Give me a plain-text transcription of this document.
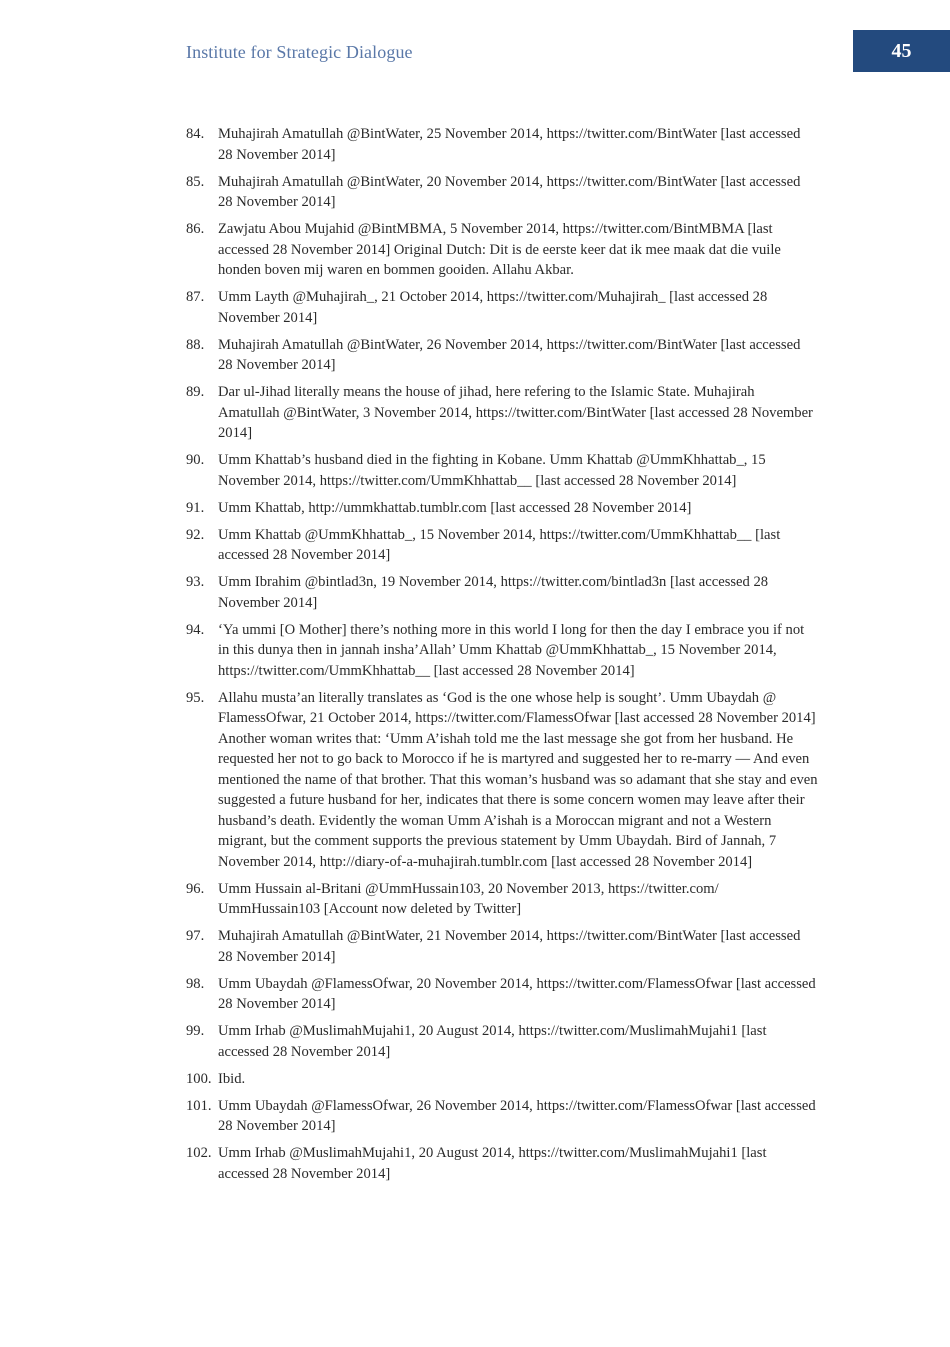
Institute for Strategic Dialogue	45
84. Muhajirah Amatullah @BintWater, 25 November 2014, https://twitter.com/BintWater [last accessed 28 November 2014]
85. Muhajirah Amatullah @BintWater, 20 November 2014, https://twitter.com/BintWater [last accessed 28 November 2014]
86. Zawjatu Abou Mujahid @BintMBMA, 5 November 2014, https://twitter.com/BintMBMA [last accessed 28 November 2014] Original Dutch: Dit is de eerste keer dat ik mee maak dat die vuile honden boven mij waren en bommen gooiden. Allahu Akbar.
87. Umm Layth @Muhajirah_, 21 October 2014, https://twitter.com/Muhajirah_ [last accessed 28 November 2014]
88. Muhajirah Amatullah @BintWater, 26 November 2014, https://twitter.com/BintWater [last accessed 28 November 2014]
89. Dar ul-Jihad literally means the house of jihad, here refering to the Islamic State. Muhajirah Amatullah @BintWater, 3 November 2014, https://twitter.com/BintWater [last accessed 28 November 2014]
90. Umm Khattab’s husband died in the fighting in Kobane. Umm Khattab @UmmKhhattab_, 15 November 2014, https://twitter.com/UmmKhhattab__ [last accessed 28 November 2014]
91. Umm Khattab, http://ummkhattab.tumblr.com [last accessed 28 November 2014]
92. Umm Khattab @UmmKhhattab_, 15 November 2014, https://twitter.com/UmmKhhattab__ [last accessed 28 November 2014]
93. Umm Ibrahim @bintlad3n, 19 November 2014, https://twitter.com/bintlad3n [last accessed 28 November 2014]
94. ‘Ya ummi [O Mother] there’s nothing more in this world I long for then the day I embrace you if not in this dunya then in jannah insha’Allah’ Umm Khattab @UmmKhhattab_, 15 November 2014, https://twitter.com/UmmKhhattab__ [last accessed 28 November 2014]
95. Allahu musta’an literally translates as ‘God is the one whose help is sought’. Umm Ubaydah @ FlamessOfwar, 21 October 2014, https://twitter.com/FlamessOfwar [last accessed 28 November 2014] Another woman writes that: ‘Umm A’ishah told me the last message she got from her husband. He requested her not to go back to Morocco if he is martyred and suggested her to re-marry — And even mentioned the name of that brother. That this woman’s husband was so adamant that she stay and even suggested a future husband for her, indicates that there is some concern women may leave after their husband’s death. Evidently the woman Umm A’ishah is a Moroccan migrant and not a Western migrant, but the comment supports the previous statement by Umm Ubaydah. Bird of Jannah, 7 November 2014, http://diary-of-a-muhajirah.tumblr.com [last accessed 28 November 2014]
96. Umm Hussain al-Britani @UmmHussain103, 20 November 2013, https://twitter.com/ UmmHussain103 [Account now deleted by Twitter]
97. Muhajirah Amatullah @BintWater, 21 November 2014, https://twitter.com/BintWater [last accessed 28 November 2014]
98. Umm Ubaydah @FlamessOfwar, 20 November 2014, https://twitter.com/FlamessOfwar [last accessed 28 November 2014]
99. Umm Irhab @MuslimahMujahi1, 20 August 2014, https://twitter.com/MuslimahMujahi1 [last accessed 28 November 2014]
100. Ibid.
101. Umm Ubaydah @FlamessOfwar, 26 November 2014, https://twitter.com/FlamessOfwar [last accessed 28 November 2014]
102. Umm Irhab @MuslimahMujahi1, 20 August 2014, https://twitter.com/MuslimahMujahi1 [last accessed 28 November 2014]
